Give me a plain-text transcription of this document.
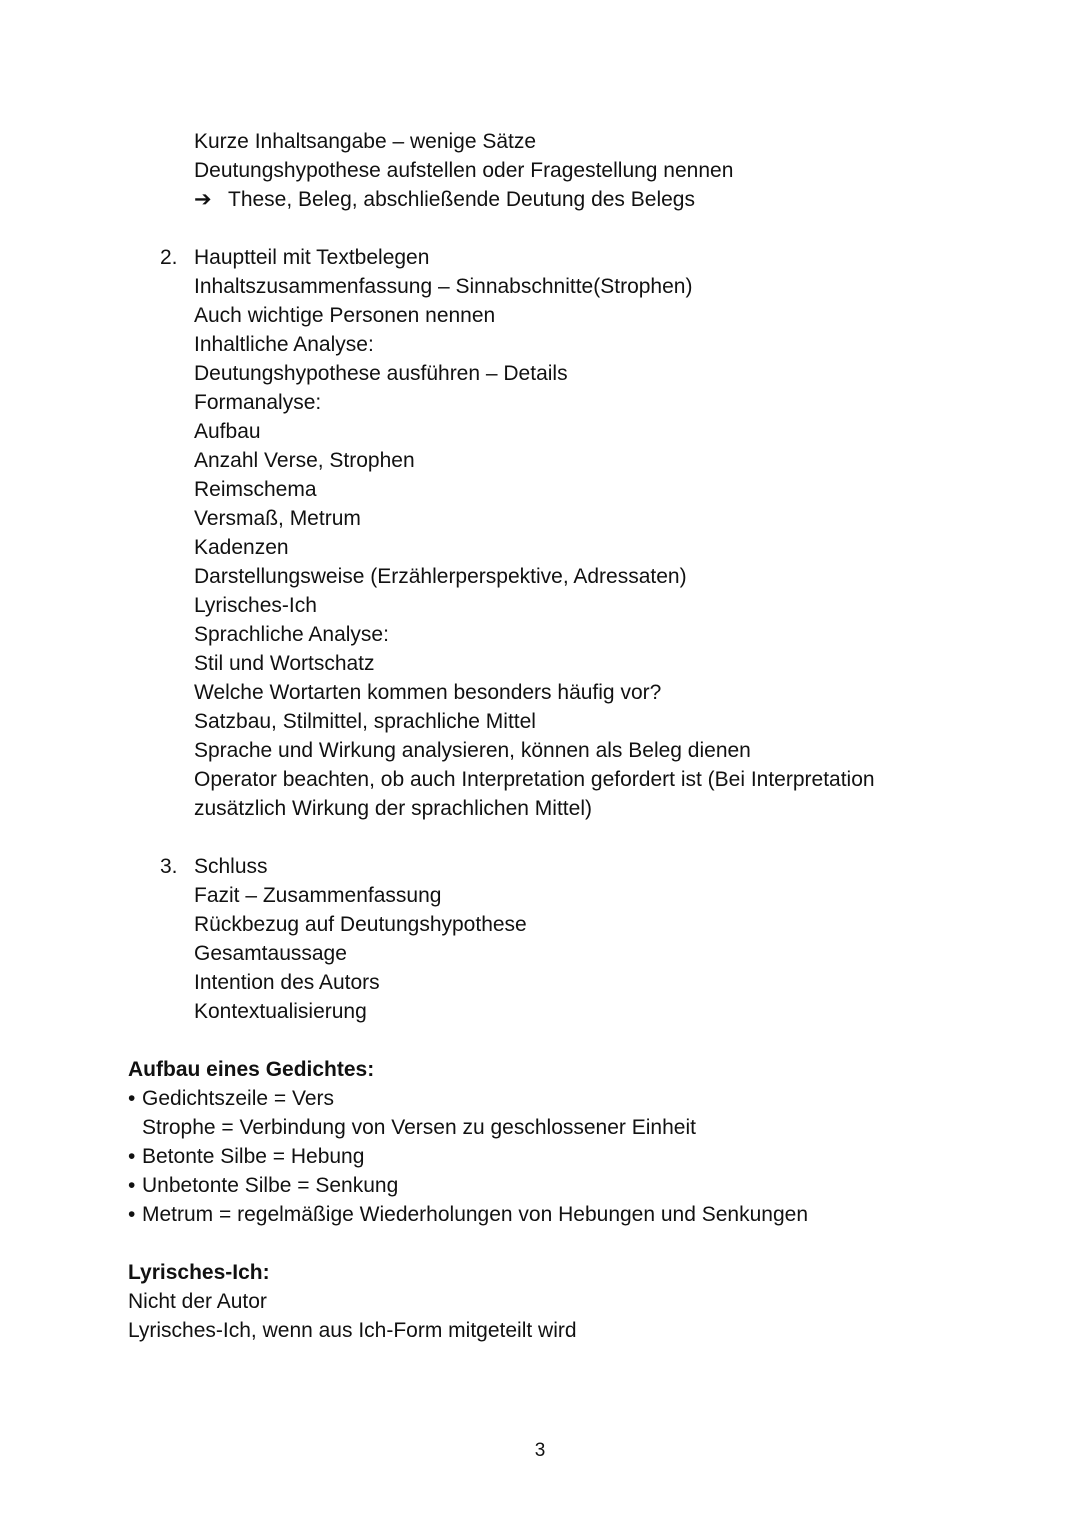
Kurze Inhaltsangabe – wenige Sätze
Deutungshypothese aufstellen oder Fragestellung nennen
➔ These, Beleg, abschließende Deutung des Belegs
2. Hauptteil mit Textbelegen
Inhaltszusammenfassung – Sinnabschnitte(Strophen)
Auch wichtige Personen nennen
Inhaltliche Analyse:
Deutungshypothese ausführen – Details
Formanalyse:
Aufbau
Anzahl Verse, Strophen
Reimschema
Versmaß, Metrum
Kadenzen
Darstellungsweise (Erzählerperspektive, Adressaten)
Lyrisches-Ich
Sprachliche Analyse:
Stil und Wortschatz
Welche Wortarten kommen besonders häufig vor?
Satzbau, Stilmittel, sprachliche Mittel
Sprache und Wirkung analysieren, können als Beleg dienen
Operator beachten, ob auch Interpretation gefordert ist (Bei Interpretation
zusätzlich Wirkung der sprachlichen Mittel)
3. Schluss
Fazit – Zusammenfassung
Rückbezug auf Deutungshypothese
Gesamtaussage
Intention des Autors
Kontextualisierung
Aufbau eines Gedichtes:
• Gedichtszeile = Vers
Strophe = Verbindung von Versen zu geschlossener Einheit
• Betonte Silbe = Hebung
• Unbetonte Silbe = Senkung
• Metrum = regelmäßige Wiederholungen von Hebungen und Senkungen
Lyrisches-Ich:
Nicht der Autor
Lyrisches-Ich, wenn aus Ich-Form mitgeteilt wird
3
